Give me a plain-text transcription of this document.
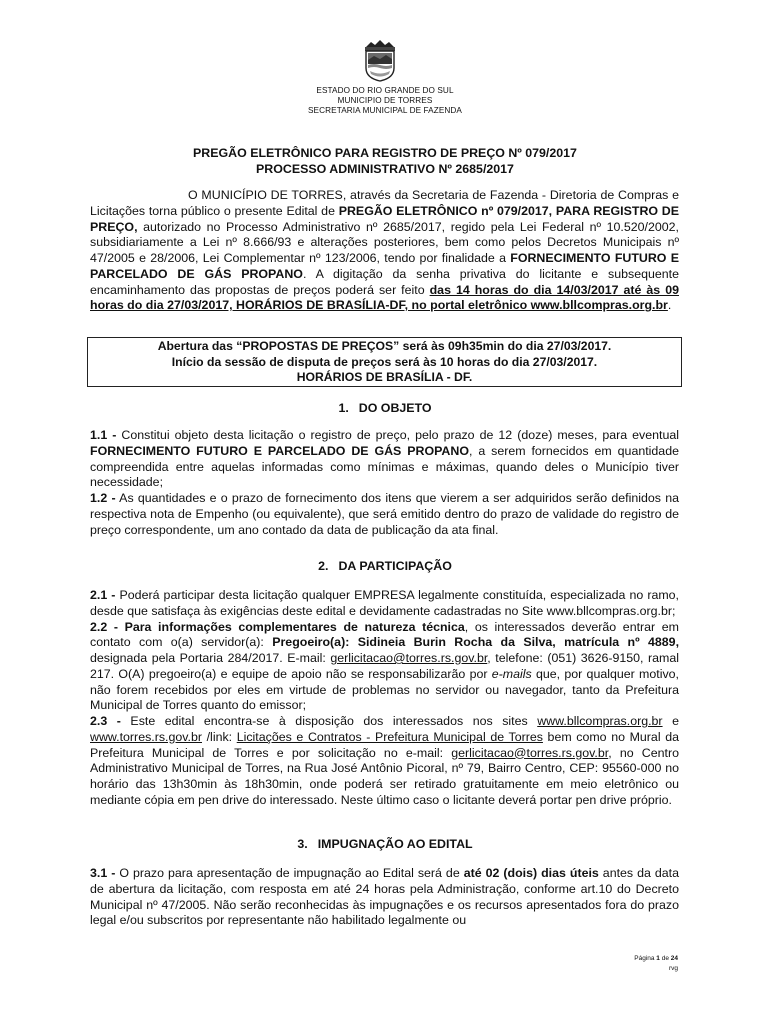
ESTADO DO RIO GRANDE DO SUL
MUNICIPIO DE TORRES
SECRETARIA MUNICIPAL DE FAZENDA
PREGÃO ELETRÔNICO PARA REGISTRO DE PREÇO Nº 079/2017
PROCESSO ADMINISTRATIVO Nº 2685/2017

O MUNICÍPIO DE TORRES, através da Secretaria de Fazenda - Diretoria de Compras e Licitações torna público o presente Edital de PREGÃO ELETRÔNICO nº 079/2017, PARA REGISTRO DE PREÇO, autorizado no Processo Administrativo nº 2685/2017, regido pela Lei Federal nº 10.520/2002, subsidiariamente a Lei nº 8.666/93 e alterações posteriores, bem como pelos Decretos Municipais nº 47/2005 e 28/2006, Lei Complementar nº 123/2006, tendo por finalidade a FORNECIMENTO FUTURO E PARCELADO DE GÁS PROPANO. A digitação da senha privativa do licitante e subsequente encaminhamento das propostas de preços poderá ser feito das 14 horas do dia 14/03/2017 até às 09 horas do dia 27/03/2017, HORÁRIOS DE BRASÍLIA-DF, no portal eletrônico www.bllcompras.org.br.

Abertura das “PROPOSTAS DE PREÇOS” será às 09h35min do dia 27/03/2017.
Início da sessão de disputa de preços será às 10 horas do dia 27/03/2017.
HORÁRIOS DE BRASÍLIA - DF.
1. DO OBJETO

1.1 - Constitui objeto desta licitação o registro de preço, pelo prazo de 12 (doze) meses, para eventual FORNECIMENTO FUTURO E PARCELADO DE GÁS PROPANO, a serem fornecidos em quantidade compreendida entre aquelas informadas como mínimas e máximas, quando deles o Município tiver necessidade;

1.2 - As quantidades e o prazo de fornecimento dos itens que vierem a ser adquiridos serão definidos na respectiva nota de Empenho (ou equivalente), que será emitido dentro do prazo de validade do registro de preço correspondente, um ano contado da data de publicação da ata final.

2. DA PARTICIPAÇÃO

2.1 - Poderá participar desta licitação qualquer EMPRESA legalmente constituída, especializada no ramo, desde que satisfaça às exigências deste edital e devidamente cadastradas no Site www.bllcompras.org.br;

2.2 - Para informações complementares de natureza técnica, os interessados deverão entrar em contato com o(a) servidor(a): Pregoeiro(a): Sidineia Burin Rocha da Silva, matrícula nº 4889, designada pela Portaria 284/2017. E-mail: gerlicitacao@torres.rs.gov.br, telefone: (051) 3626-9150, ramal 217. O(A) pregoeiro(a) e equipe de apoio não se responsabilizarão por e-mails que, por qualquer motivo, não forem recebidos por eles em virtude de problemas no servidor ou navegador, tanto da Prefeitura Municipal de Torres quanto do emissor;

2.3 - Este edital encontra-se à disposição dos interessados nos sites www.bllcompras.org.br e www.torres.rs.gov.br /link: Licitações e Contratos - Prefeitura Municipal de Torres bem como no Mural da Prefeitura Municipal de Torres e por solicitação no e-mail: gerlicitacao@torres.rs.gov.br, no Centro Administrativo Municipal de Torres, na Rua José Antônio Picoral, nº 79, Bairro Centro, CEP: 95560-000 no horário das 13h30min às 18h30min, onde poderá ser retirado gratuitamente em meio eletrônico ou mediante cópia em pen drive do interessado. Neste último caso o licitante deverá portar pen drive próprio.

3. IMPUGNAÇÃO AO EDITAL

3.1 - O prazo para apresentação de impugnação ao Edital será de até 02 (dois) dias úteis antes da data de abertura da licitação, com resposta em até 24 horas pela Administração, conforme art.10 do Decreto Municipal nº 47/2005. Não serão reconhecidas às impugnações e os recursos apresentados fora do prazo legal e/ou subscritos por representante não habilitado legalmente ou

Página 1 de 24
rvg
